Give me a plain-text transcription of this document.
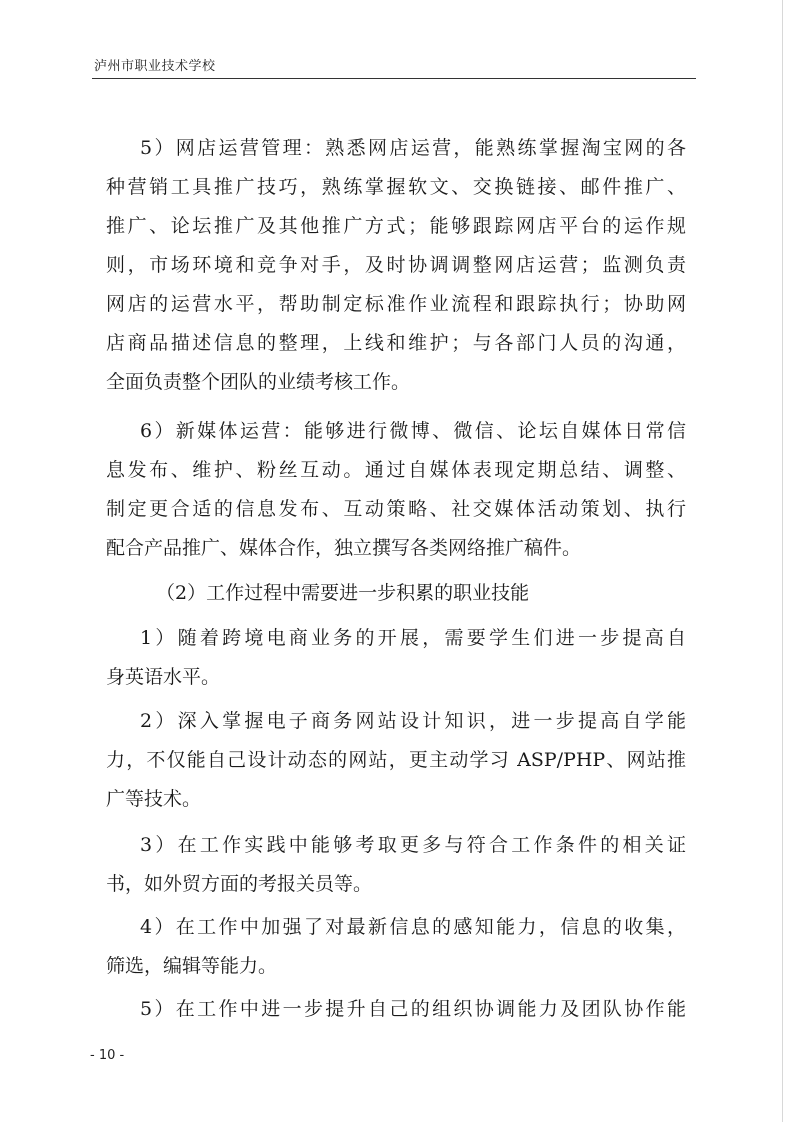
泸州市职业技术学校
5）网店运营管理：熟悉网店运营，能熟练掌握淘宝网的各
种营销工具推广技巧，熟练掌握软文、交换链接、邮件推广、
推广、论坛推广及其他推广方式；能够跟踪网店平台的运作规
则，市场环境和竞争对手，及时协调调整网店运营；监测负责
网店的运营水平，帮助制定标准作业流程和跟踪执行；协助网
店商品描述信息的整理，上线和维护；与各部门人员的沟通，
全面负责整个团队的业绩考核工作。
6）新媒体运营：能够进行微博、微信、论坛自媒体日常信
息发布、维护、粉丝互动。通过自媒体表现定期总结、调整、
制定更合适的信息发布、互动策略、社交媒体活动策划、执行
配合产品推广、媒体合作，独立撰写各类网络推广稿件。
（2）工作过程中需要进一步积累的职业技能
1）随着跨境电商业务的开展，需要学生们进一步提高自
身英语水平。
2）深入掌握电子商务网站设计知识，进一步提高自学能
力，不仅能自己设计动态的网站，更主动学习 ASP/PHP、网站推
广等技术。
3）在工作实践中能够考取更多与符合工作条件的相关证
书，如外贸方面的考报关员等。
4）在工作中加强了对最新信息的感知能力，信息的收集，
筛选，编辑等能力。
5）在工作中进一步提升自己的组织协调能力及团队协作能
- 10 -
